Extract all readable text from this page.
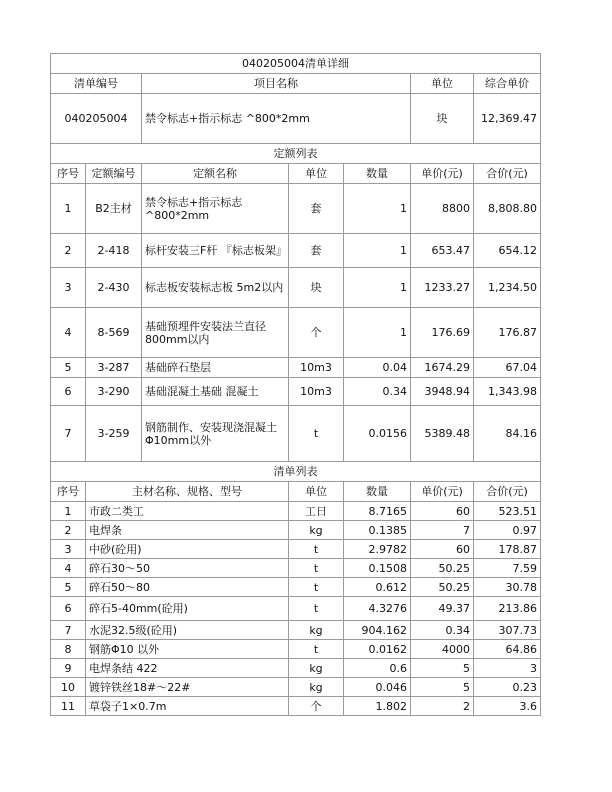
040205004清单详细						
清单编号		项目名称			单位	综合单价
040205004		禁令标志+指示标志 ^800*2mm			块	12,369.47
定额列表						
序号	定额编号	定额名称	单位	数量	单价(元)	合价(元)
1	B2主材	禁令标志+指示标志 ^800*2mm	套	1	8800	8,808.80
2	2-418	标杆安装三F杆 『标志板架』	套	1	653.47	654.12
3	2-430	标志板安装标志板 5m2以内	块	1	1233.27	1,234.50
4	8-569	基础预埋件安装法兰直径800mm以内	个	1	176.69	176.87
5	3-287	基础碎石垫层	10m3	0.04	1674.29	67.04
6	3-290	基础混凝土基础 混凝土	10m3	0.34	3948.94	1,343.98
7	3-259	钢筋制作、安装现浇混凝土Φ10mm以外	t	0.0156	5389.48	84.16
清单列表						
序号	主材名称、规格、型号		单位	数量	单价(元)	合价(元)
1	市政二类工		工日	8.7165	60	523.51
2	电焊条		kg	0.1385	7	0.97
3	中砂(砼用)		t	2.9782	60	178.87
4	碎石30～50		t	0.1508	50.25	7.59
5	碎石50～80		t	0.612	50.25	30.78
6	碎石5-40mm(砼用)		t	4.3276	49.37	213.86
7	水泥32.5级(砼用)		kg	904.162	0.34	307.73
8	钢筋Φ10 以外		t	0.0162	4000	64.86
9	电焊条结 422		kg	0.6	5	3
10	镀锌铁丝18#～22#		kg	0.046	5	0.23
11	草袋子1×0.7m		个	1.802	2	3.6
